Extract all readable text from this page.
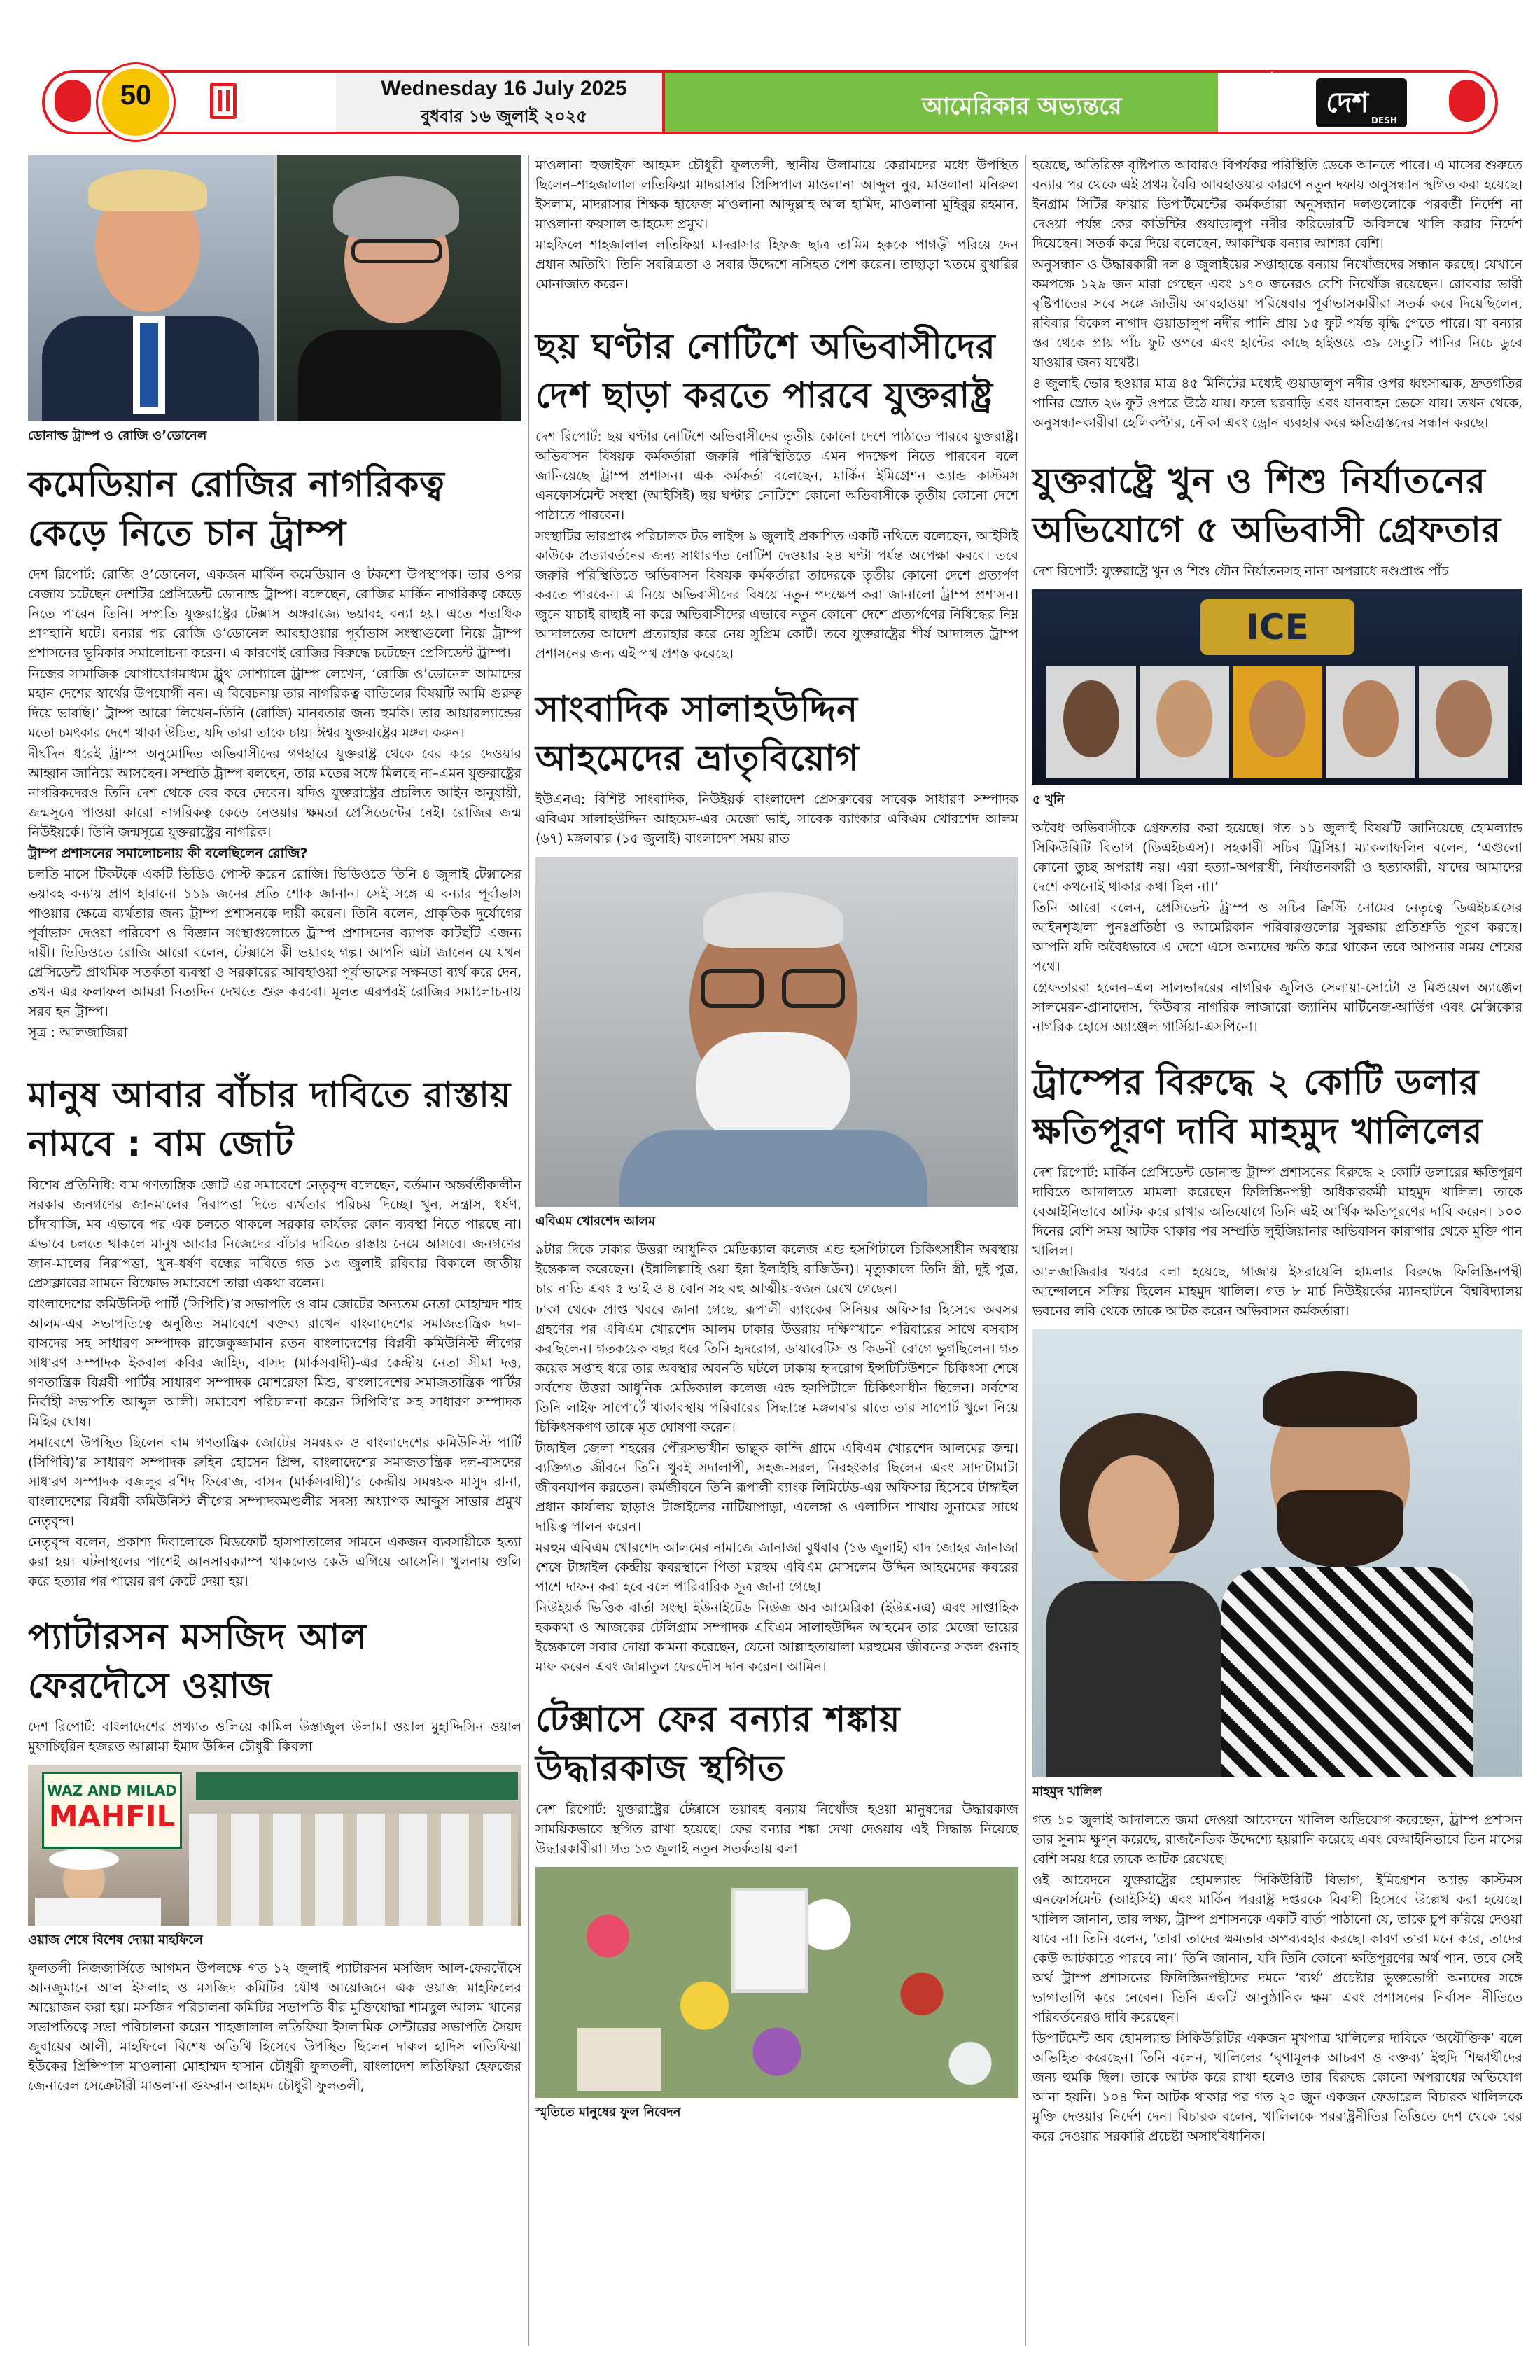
50	Wednesday 16 July 2025
বুধবার ১৬ জুলাই ২০২৫	আমেরিকার অভ্যন্তরে	দেশDESH
ডোনাল্ড ট্রাম্প ও রোজি ও’ডোনেল
কমেডিয়ান রোজির নাগরিকত্ব কেড়ে নিতে চান ট্রাম্প

দেশ রিপোর্ট: রোজি ও’ডোনেল, একজন মার্কিন কমেডিয়ান ও টকশো উপস্থাপক। তার ওপর বেজায় চটেছেন দেশটির প্রেসিডেন্ট ডোনাল্ড ট্রাম্প। বলেছেন, রোজির মার্কিন নাগরিকত্ব কেড়ে নিতে পারেন তিনি। সম্প্রতি যুক্তরাষ্ট্রের টেক্সাস অঙ্গরাজ্যে ভয়াবহ বন্যা হয়। এতে শতাধিক প্রাণহানি ঘটে। বন্যার পর রোজি ও’ডোনেল আবহাওয়ার পূর্বাভাস সংস্থাগুলো নিয়ে ট্রাম্প প্রশাসনের ভূমিকার সমালোচনা করেন। এ কারণেই রোজির বিরুদ্ধে চটেছেন প্রেসিডেন্ট ট্রাম্প।

নিজের সামাজিক যোগাযোগমাধ্যম ট্রুথ সোশ্যালে ট্রাম্প লেখেন, ‘রোজি ও’ডোনেল আমাদের মহান দেশের স্বার্থের উপযোগী নন। এ বিবেচনায় তার নাগরিকত্ব বাতিলের বিষয়টি আমি গুরুত্ব দিয়ে ভাবছি।’ ট্রাম্প আরো লিখেন–তিনি (রোজি) মানবতার জন্য হুমকি। তার আয়ারল্যান্ডের মতো চমৎকার দেশে থাকা উচিত, যদি তারা তাকে চায়। ঈশ্বর যুক্তরাষ্ট্রের মঙ্গল করুন।

দীর্ঘদিন ধরেই ট্রাম্প অনুমোদিত অভিবাসীদের গণহারে যুক্তরাষ্ট্র থেকে বের করে দেওয়ার আহ্বান জানিয়ে আসছেন। সম্প্রতি ট্রাম্প বলছেন, তার মতের সঙ্গে মিলছে না–এমন যুক্তরাষ্ট্রের নাগরিকদেরও তিনি দেশ থেকে বের করে দেবেন। যদিও যুক্তরাষ্ট্রের প্রচলিত আইন অনুযায়ী, জন্মসূত্রে পাওয়া কারো নাগরিকত্ব কেড়ে নেওয়ার ক্ষমতা প্রেসিডেন্টের নেই। রোজির জন্ম নিউইয়র্কে। তিনি জন্মসূত্রে যুক্তরাষ্ট্রের নাগরিক।

ট্রাম্প প্রশাসনের সমালোচনায় কী বলেছিলেন রোজি?

চলতি মাসে টিকটকে একটি ভিডিও পোস্ট করেন রোজি। ভিডিওতে তিনি ৪ জুলাই টেক্সাসের ভয়াবহ বন্যায় প্রাণ হারানো ১১৯ জনের প্রতি শোক জানান। সেই সঙ্গে এ বন্যার পূর্বাভাস পাওয়ার ক্ষেত্রে ব্যর্থতার জন্য ট্রাম্প প্রশাসনকে দায়ী করেন। তিনি বলেন, প্রাকৃতিক দুর্যোগের পূর্বাভাস দেওয়া পরিবেশ ও বিজ্ঞান সংস্থাগুলোতে ট্রাম্প প্রশাসনের ব্যাপক কাটছাঁট এজন্য দায়ী। ভিডিওতে রোজি আরো বলেন, টেক্সাসে কী ভয়াবহ গল্প। আপনি এটা জানেন যে যখন প্রেসিডেন্ট প্রাথমিক সতর্কতা ব্যবস্থা ও সরকারের আবহাওয়া পূর্বাভাসের সক্ষমতা ব্যর্থ করে দেন, তখন এর ফলাফল আমরা নিত্যদিন দেখতে শুরু করবো। মূলত এরপরই রোজির সমালোচনায় সরব হন ট্রাম্প।

সূত্র : আলজাজিরা

মানুষ আবার বাঁচার দাবিতে রাস্তায় নামবে : বাম জোট

বিশেষ প্রতিনিধি: বাম গণতান্ত্রিক জোট এর সমাবেশে নেতৃবৃন্দ বলেছেন, বর্তমান অন্তর্বর্তীকালীন সরকার জনগণের জানমালের নিরাপত্তা দিতে ব্যর্থতার পরিচয় দিচ্ছে। খুন, সন্ত্রাস, ধর্ষণ, চাঁদাবাজি, মব এভাবে পর এক চলতে থাকলে সরকার কার্যকর কোন ব্যবস্থা নিতে পারছে না। এভাবে চলতে থাকলে মানুষ আবার নিজেদের বাঁচার দাবিতে রাস্তায় নেমে আসবে। জনগণের জান-মালের নিরাপত্তা, খুন-ধর্ষণ বন্ধের দাবিতে গত ১৩ জুলাই রবিবার বিকালে জাতীয় প্রেসক্লাবের সামনে বিক্ষোভ সমাবেশে তারা একথা বলেন।

বাংলাদেশের কমিউনিস্ট পার্টি (সিপিবি)’র সভাপতি ও বাম জোটের অন্যতম নেতা মোহাম্মদ শাহ আলম-এর সভাপতিত্বে অনুষ্ঠিত সমাবেশে বক্তব্য রাখেন বাংলাদেশের সমাজতান্ত্রিক দল-বাসদের সহ সাধারণ সম্পাদক রাজেকুজ্জামান রতন বাংলাদেশের বিপ্লবী কমিউনিস্ট লীগের সাধারণ সম্পাদক ইকবাল কবির জাহিদ, বাসদ (মার্কসবাদী)-এর কেন্দ্রীয় নেতা সীমা দত্ত, গণতান্ত্রিক বিপ্লবী পার্টির সাধারণ সম্পাদক মোশরেফা মিশু, বাংলাদেশের সমাজতান্ত্রিক পার্টির নির্বাহী সভাপতি আব্দুল আলী। সমাবেশ পরিচালনা করেন সিপিবি’র সহ সাধারণ সম্পাদক মিহির ঘোষ।

সমাবেশে উপস্থিত ছিলেন বাম গণতান্ত্রিক জোটের সমন্বয়ক ও বাংলাদেশের কমিউনিস্ট পার্টি (সিপিবি)’র সাধারণ সম্পাদক রুহিন হোসেন প্রিন্স, বাংলাদেশের সমাজতান্ত্রিক দল-বাসদের সাধারণ সম্পাদক বজলুর রশিদ ফিরোজ, বাসদ (মার্কসবাদী)’র কেন্দ্রীয় সমন্বয়ক মাসুদ রানা, বাংলাদেশের বিপ্লবী কমিউনিস্ট লীগের সম্পাদকমণ্ডলীর সদস্য অধ্যাপক আব্দুস সাত্তার প্রমুখ নেতৃবৃন্দ।

নেতৃবৃন্দ বলেন, প্রকাশ্য দিবালোকে মিডফোর্ট হাসপাতালের সামনে একজন ব্যবসায়ীকে হত্যা করা হয়। ঘটনাস্থলের পাশেই আনসারক্যাম্প থাকলেও কেউ এগিয়ে আসেনি। খুলনায় গুলি করে হত্যার পর পায়ের রগ কেটে দেয়া হয়।

প্যাটারসন মসজিদ আল ফেরদৌসে ওয়াজ

দেশ রিপোর্ট: বাংলাদেশের প্রখ্যাত ওলিয়ে কামিল উস্তাজুল উলামা ওয়াল মুহাদ্দিসিন ওয়াল মুফাচ্ছিরিন হজরত আল্লামা ইমাদ উদ্দিন চৌধুরী কিবলা

WAZ AND MILAD
MAHFIL
ওয়াজ শেষে বিশেষ দোয়া মাহফিলে

ফুলতলী নিজজার্সিতে আগমন উপলক্ষে গত ১২ জুলাই প্যাটারসন মসজিদ আল-ফেরদৌসে আনজুমানে আল ইসলাহ ও মসজিদ কমিটির যৌথ আয়োজনে এক ওয়াজ মাহফিলের আয়োজন করা হয়। মসজিদ পরিচালনা কমিটির সভাপতি বীর মুক্তিযোদ্ধা শামছুল আলম খানের সভাপতিত্বে সভা পরিচালনা করেন শাহজালাল লতিফিয়া ইসলামিক সেন্টারের সভাপতি সৈয়দ জুবায়ের আলী, মাহফিলে বিশেষ অতিথি হিসেবে উপস্থিত ছিলেন দারুল হাদিস লতিফিয়া ইউকের প্রিন্সিপাল মাওলানা মোহাম্মদ হাসান চৌধুরী ফুলতলী, বাংলাদেশ লতিফিয়া হেফজের জেনারেল সেক্রেটারী মাওলানা গুফরান আহমদ চৌধুরী ফুলতলী,

মাওলানা হুজাইফা আহমদ চৌধুরী ফুলতলী, স্থানীয় উলামায়ে কেরামদের মধ্যে উপস্থিত ছিলেন–শাহজালাল লতিফিয়া মাদরাসার প্রিন্সিপাল মাওলানা আব্দুল নুর, মাওলানা মনিরুল ইসলাম, মাদরাসার শিক্ষক হাফেজ মাওলানা আব্দুল্লাহ আল হামিদ, মাওলানা মুহিবুর রহমান, মাওলানা ফয়সাল আহমেদ প্রমুখ।

মাহফিলে শাহজালাল লতিফিয়া মাদরাসার হিফজ ছাত্র তামিম হককে পাগড়ী পরিয়ে দেন প্রধান অতিথি। তিনি সবরিত্রতা ও সবার উদ্দেশে নসিহত পেশ করেন। তাছাড়া খতমে বুখারির মোনাজাত করেন।

ছয় ঘণ্টার নোটিশে অভিবাসীদের দেশ ছাড়া করতে পারবে যুক্তরাষ্ট্র

দেশ রিপোর্ট: ছয় ঘণ্টার নোটিশে অভিবাসীদের তৃতীয় কোনো দেশে পাঠাতে পারবে যুক্তরাষ্ট্র। অভিবাসন বিষয়ক কর্মকর্তারা জরুরি পরিস্থিতিতে এমন পদক্ষেপ নিতে পারবেন বলে জানিয়েছে ট্রাম্প প্রশাসন। এক কর্মকর্তা বলেছেন, মার্কিন ইমিগ্রেশন অ্যান্ড কাস্টমস এনফোর্সমেন্ট সংস্থা (আইসিই) ছয় ঘণ্টার নোটিশে কোনো অভিবাসীকে তৃতীয় কোনো দেশে পাঠাতে পারবেন।

সংস্থাটির ভারপ্রাপ্ত পরিচালক টড লাইন্স ৯ জুলাই প্রকাশিত একটি নথিতে বলেছেন, আইসিই কাউকে প্রত্যাবর্তনের জন্য সাধারণত নোটিশ দেওয়ার ২৪ ঘণ্টা পর্যন্ত অপেক্ষা করবে। তবে জরুরি পরিস্থিতিতে অভিবাসন বিষয়ক কর্মকর্তারা তাদেরকে তৃতীয় কোনো দেশে প্রত্যর্পণ করতে পারবেন। এ নিয়ে অভিবাসীদের বিষয়ে নতুন পদক্ষেপ করা জানালো ট্রাম্প প্রশাসন। জুনে যাচাই বাছাই না করে অভিবাসীদের এভাবে নতুন কোনো দেশে প্রত্যর্পণের নিষিদ্ধের নিম্ন আদালতের আদেশ প্রত্যাহার করে নেয় সুপ্রিম কোর্ট। তবে যুক্তরাষ্ট্রের শীর্ষ আদালত ট্রাম্প প্রশাসনের জন্য এই পথ প্রশস্ত করেছে।

সাংবাদিক সালাহউদ্দিন আহমেদের ভ্রাতৃবিয়োগ

ইউএনএ: বিশিষ্ট সাংবাদিক, নিউইয়র্ক বাংলাদেশ প্রেসক্লাবের সাবেক সাধারণ সম্পাদক এবিএম সালাহউদ্দিন আহমেদ-এর মেজো ভাই, সাবেক ব্যাংকার এবিএম খোরশেদ আলম (৬৭) মঙ্গলবার (১৫ জুলাই) বাংলাদেশ সময় রাত

এবিএম খোরশেদ আলম

৯টার দিকে ঢাকার উত্তরা আধুনিক মেডিক্যাল কলেজ এন্ড হসপিটালে চিকিৎসাধীন অবস্থায় ইন্তেকাল করেছেন। (ইন্নালিল্লাহি ওয়া ইন্না ইলাইহি রাজিউন)। মৃত্যুকালে তিনি স্ত্রী, দুই পুত্র, চার নাতি এবং ৫ ভাই ও ৪ বোন সহ বহু আত্মীয়-স্বজন রেখে গেছেন।

ঢাকা থেকে প্রাপ্ত খবরে জানা গেছে, রূপালী ব্যাংকের সিনিয়র অফিসার হিসেবে অবসর গ্রহণের পর এবিএম খোরশেদ আলম ঢাকার উত্তরায় দক্ষিণখানে পরিবারের সাথে বসবাস করছিলেন। গতকয়েক বছর ধরে তিনি হৃদরোগ, ডায়াবেটিস ও কিডনী রোগে ভুগছিলেন। গত কয়েক সপ্তাহ ধরে তার অবস্থার অবনতি ঘটলে ঢাকায় হৃদরোগ ইন্সটিটিউশনে চিকিৎসা শেষে সর্বশেষ উত্তরা আধুনিক মেডিক্যাল কলেজ এন্ড হসপিটালে চিকিৎসাধীন ছিলেন। সর্বশেষ তিনি লাইফ সাপোর্টে থাকাবস্থায় পরিবারের সিদ্ধান্তে মঙ্গলবার রাতে তার সাপোর্ট খুলে নিয়ে চিকিৎসকগণ তাকে মৃত ঘোষণা করেন।

টাঙ্গাইল জেলা শহরের পৌরসভাধীন ভাল্লুক কান্দি গ্রামে এবিএম খোরশেদ আলমের জন্ম। ব্যক্তিগত জীবনে তিনি খুবই সদালাপী, সহজ-সরল, নিরহংকার ছিলেন এবং সাদাটামাটা জীবনযাপন করতেন। কর্মজীবনে তিনি রূপালী ব্যাংক লিমিটেড-এর অফিসার হিসেবে টাঙ্গাইল প্রধান কার্যালয় ছাড়াও টাঙ্গাইলের নাটিয়াপাড়া, এলেঙ্গা ও এলাসিন শাখায় সুনামের সাথে দায়িত্ব পালন করেন।

মরহুম এবিএম খোরশেদ আলমের নামাজে জানাজা বুধবার (১৬ জুলাই) বাদ জোহর জানাজা শেষে টাঙ্গাইল কেন্দ্রীয় কবরস্থানে পিতা মরহুম এবিএম মোসলেম উদ্দিন আহমেদের কবরের পাশে দাফন করা হবে বলে পারিবারিক সূত্র জানা গেছে।

নিউইয়র্ক ভিত্তিক বার্তা সংস্থা ইউনাইটেড নিউজ অব আমেরিকা (ইউএনএ) এবং সাপ্তাহিক হককথা ও আজকের টেলিগ্রাম সম্পাদক এবিএম সালাহউদ্দিন আহমেদ তার মেজো ভায়ের ইন্তেকালে সবার দোয়া কামনা করেছেন, যেনো আল্লাহতায়ালা মরহুমের জীবনের সকল গুনাহ মাফ করেন এবং জান্নাতুল ফেরদৌস দান করেন। আমিন।

টেক্সাসে ফের বন্যার শঙ্কায় উদ্ধারকাজ স্থগিত

দেশ রিপোর্ট: যুক্তরাষ্ট্রের টেক্সাসে ভয়াবহ বন্যায় নিখোঁজ হওয়া মানুষদের উদ্ধারকাজ সাময়িকভাবে স্থগিত রাখা হয়েছে। ফের বন্যার শঙ্কা দেখা দেওয়ায় এই সিদ্ধান্ত নিয়েছে উদ্ধারকারীরা। গত ১৩ জুলাই নতুন সতর্কতায় বলা

স্মৃতিতে মানুষের ফুল নিবেদন

হয়েছে, অতিরিক্ত বৃষ্টিপাত আবারও বিপর্যকর পরিস্থিতি ডেকে আনতে পারে। এ মাসের শুরুতে বন্যার পর থেকে এই প্রথম বৈরি আবহাওয়ার কারণে নতুন দফায় অনুসন্ধান স্থগিত করা হয়েছে। ইনগ্রাম সিটির ফায়ার ডিপার্টমেন্টের কর্মকর্তারা অনুসন্ধান দলগুলোকে পরবর্তী নির্দেশ না দেওয়া পর্যন্ত কের কাউন্টির গুয়াডালুপ নদীর করিডোরটি অবিলম্বে খালি করার নির্দেশ দিয়েছেন। সতর্ক করে দিয়ে বলেছেন, আকস্মিক বন্যার আশঙ্কা বেশি।

অনুসন্ধান ও উদ্ধারকারী দল ৪ জুলাইয়ের সপ্তাহান্তে বন্যায় নিখোঁজদের সন্ধান করছে। যেখানে কমপক্ষে ১২৯ জন মারা গেছেন এবং ১৭০ জনেরও বেশি নিখোঁজ রয়েছেন। রোববার ভারী বৃষ্টিপাতের সবে সঙ্গে জাতীয় আবহাওয়া পরিষেবার পূর্বাভাসকারীরা সতর্ক করে দিয়েছিলেন, রবিবার বিকেল নাগাদ গুয়াডালুপ নদীর পানি প্রায় ১৫ ফুট পর্যন্ত বৃদ্ধি পেতে পারে। যা বন্যার স্তর থেকে প্রায় পাঁচ ফুট ওপরে এবং হান্টের কাছে হাইওয়ে ৩৯ সেতুটি পানির নিচে ডুবে যাওয়ার জন্য যথেষ্ট।

৪ জুলাই ভোর হওয়ার মাত্র ৪৫ মিনিটের মধ্যেই গুয়াডালুপ নদীর ওপর ধ্বংসাত্মক, দ্রুতগতির পানির স্রোত ২৬ ফুট ওপরে উঠে যায়। ফলে ঘরবাড়ি এবং যানবাহন ভেসে যায়। তখন থেকে, অনুসন্ধানকারীরা হেলিকপ্টার, নৌকা এবং ড্রোন ব্যবহার করে ক্ষতিগ্রস্তদের সন্ধান করছে।

যুক্তরাষ্ট্রে খুন ও শিশু নির্যাতনের অভিযোগে ৫ অভিবাসী গ্রেফতার

দেশ রিপোর্ট: যুক্তরাষ্ট্রে খুন ও শিশু যৌন নির্যাতনসহ নানা অপরাধে দণ্ডপ্রাপ্ত পাঁচ

ICE
৫ খুনি

অবৈধ অভিবাসীকে গ্রেফতার করা হয়েছে। গত ১১ জুলাই বিষয়টি জানিয়েছে হোমল্যান্ড সিকিউরিটি বিভাগ (ডিএইচএস)। সহকারী সচিব ট্রিসিয়া ম্যাকলাফলিন বলেন, ‘এগুলো কোনো তুচ্ছ অপরাধ নয়। এরা হত্যা–অপরাধী, নির্যাতনকারী ও হত্যাকারী, যাদের আমাদের দেশে কখনোই থাকার কথা ছিল না।’

তিনি আরো বলেন, প্রেসিডেন্ট ট্রাম্প ও সচিব ক্রিস্টি নোমের নেতৃত্বে ডিএইচএসের আইনশৃঙ্খলা পুনঃপ্রতিষ্ঠা ও আমেরিকান পরিবারগুলোর সুরক্ষায় প্রতিশ্রুতি পূরণ করছে। আপনি যদি অবৈধভাবে এ দেশে এসে অন্যদের ক্ষতি করে থাকেন তবে আপনার সময় শেষের পথে।

গ্রেফতাররা হলেন–এল সালভাদরের নাগরিক জুলিও সেলায়া-সোটো ও মিগুয়েল অ্যাঞ্জেল সালমেরন-গ্রানাদোস, কিউবার নাগরিক লাজারো জ্যানিম মার্টিনেজ-আর্তিগ এবং মেক্সিকোর নাগরিক হোসে অ্যাঞ্জেল গার্সিয়া-এসপিনো।

ট্রাম্পের বিরুদ্ধে ২ কোটি ডলার ক্ষতিপূরণ দাবি মাহমুদ খালিলের

দেশ রিপোর্ট: মার্কিন প্রেসিডেন্ট ডোনাল্ড ট্রাম্প প্রশাসনের বিরুদ্ধে ২ কোটি ডলারের ক্ষতিপূরণ দাবিতে আদালতে মামলা করেছেন ফিলিস্তিনপন্থী অধিকারকর্মী মাহমুদ খালিল। তাকে বেআইনিভাবে আটক করে রাখার অভিযোগে তিনি এই আর্থিক ক্ষতিপূরণের দাবি করেন। ১০০ দিনের বেশি সময় আটক থাকার পর সম্প্রতি লুইজিয়ানার অভিবাসন কারাগার থেকে মুক্তি পান খালিল।

আলজাজিরার খবরে বলা হয়েছে, গাজায় ইসরায়েলি হামলার বিরুদ্ধে ফিলিস্তিনপন্থী আন্দোলনে সক্রিয় ছিলেন মাহমুদ খালিল। গত ৮ মার্চ নিউইয়র্কের ম্যানহাটনে বিশ্ববিদ্যালয় ভবনের লবি থেকে তাকে আটক করেন অভিবাসন কর্মকর্তারা।

মাহমুদ খালিল

গত ১০ জুলাই আদালতে জমা দেওয়া আবেদনে খালিল অভিযোগ করেছেন, ট্রাম্প প্রশাসন তার সুনাম ক্ষুণ্ন করেছে, রাজনৈতিক উদ্দেশ্যে হয়রানি করেছে এবং বেআইনিভাবে তিন মাসের বেশি সময় ধরে তাকে আটক রেখেছে।

ওই আবেদনে যুক্তরাষ্ট্রের হোমল্যান্ড সিকিউরিটি বিভাগ, ইমিগ্রেশন অ্যান্ড কাস্টমস এনফোর্সমেন্ট (আইসিই) এবং মার্কিন পররাষ্ট্র দপ্তরকে বিবাদী হিসেবে উল্লেখ করা হয়েছে। খালিল জানান, তার লক্ষ্য, ট্রাম্প প্রশাসনকে একটি বার্তা পাঠানো যে, তাকে চুপ করিয়ে দেওয়া যাবে না। তিনি বলেন, ‘তারা তাদের ক্ষমতার অপব্যবহার করছে। কারণ তারা মনে করে, তাদের কেউ আটকাতে পারবে না।’ তিনি জানান, যদি তিনি কোনো ক্ষতিপূরণের অর্থ পান, তবে সেই অর্থ ট্রাম্প প্রশাসনের ফিলিস্তিনপন্থীদের দমনে ‘ব্যর্থ’ প্রচেষ্টার ভুক্তভোগী অন্যদের সঙ্গে ভাগাভাগি করে নেবেন। তিনি একটি আনুষ্ঠানিক ক্ষমা এবং প্রশাসনের নির্বাসন নীতিতে পরিবর্তনেরও দাবি করেছেন।

ডিপার্টমেন্ট অব হোমল্যান্ড সিকিউরিটির একজন মুখপাত্র খালিলের দাবিকে ‘অযৌক্তিক’ বলে অভিহিত করেছেন। তিনি বলেন, খালিলের ‘ঘৃণামূলক আচরণ ও বক্তব্য’ ইহুদি শিক্ষার্থীদের জন্য হুমকি ছিল। তাকে আটক করে রাখা হলেও তার বিরুদ্ধে কোনো অপরাধের অভিযোগ আনা হয়নি। ১০৪ দিন আটক থাকার পর গত ২০ জুন একজন ফেডারেল বিচারক খালিলকে মুক্তি দেওয়ার নির্দেশ দেন। বিচারক বলেন, খালিলকে পররাষ্ট্রনীতির ভিত্তিতে দেশ থেকে বের করে দেওয়ার সরকারি প্রচেষ্টা অসাংবিধানিক।
